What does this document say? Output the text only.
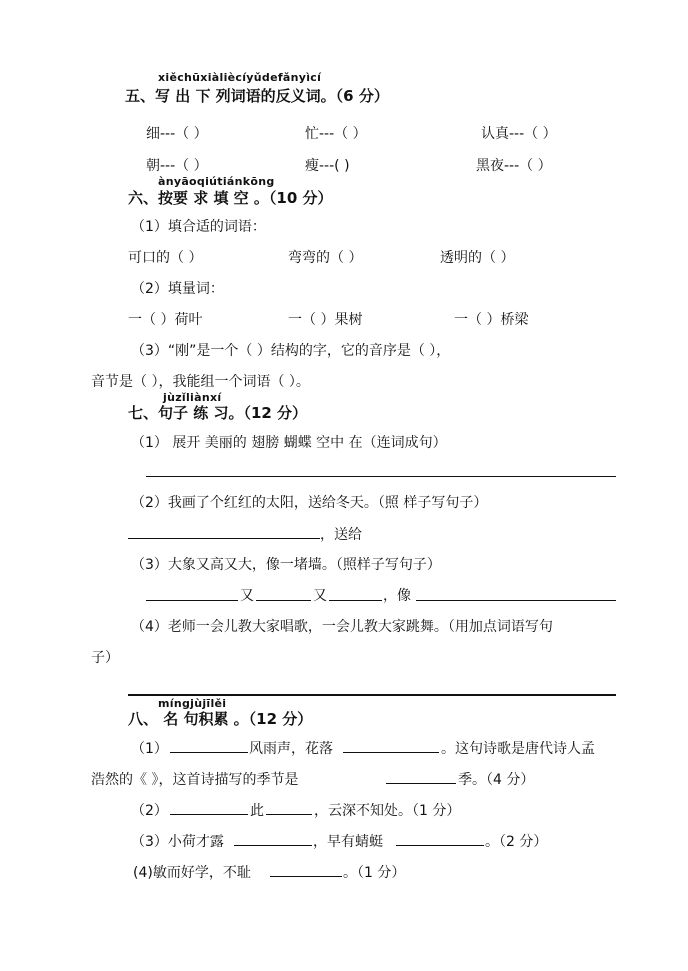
xiěchūxiàliècíyǔdefǎnyìcí
五、写 出 下 列词语的反义词。（6 分）
细---（ ）	忙---（ ）	认真---（ ）
朝---（ ）	瘦---( )	黑夜---（ ）
ànyāoqiútiánkōng
六、按要 求 填 空 。（10 分）
（1）填合适的词语：
可口的（ ）	弯弯的（ ）	透明的（ ）
（2）填量词：
一（ ）荷叶	一（ ）果树	一（ ）桥梁
（3）“刚”是一个（ ）结构的字，它的音序是（ ），
音节是（ ），我能组一个词语（ ）。
jùzǐliànxí
七、句子 练 习。（12 分）
（1） 展开 美丽的 翅膀 蝴蝶 空中 在（连词成句）
（2）我画了个红红的太阳，送给冬天。（照 样子写句子）
，送给
（3）大象又高又大，像一堵墙。（照样子写句子）
又	又	，像
（4）老师一会儿教大家唱歌，一会儿教大家跳舞。（用加点词语写句
子）
míngjùjīlěi
八、 名 句积累 。（12 分）
（1）	风雨声，花落	。这句诗歌是唐代诗人孟
浩然的《 》，这首诗描写的季节是	季。（4 分）
（2）	此	，云深不知处。（1 分）
（3）小荷才露	，早有蜻蜓	。（2 分）
(4)敏而好学，不耻	。（1 分）
